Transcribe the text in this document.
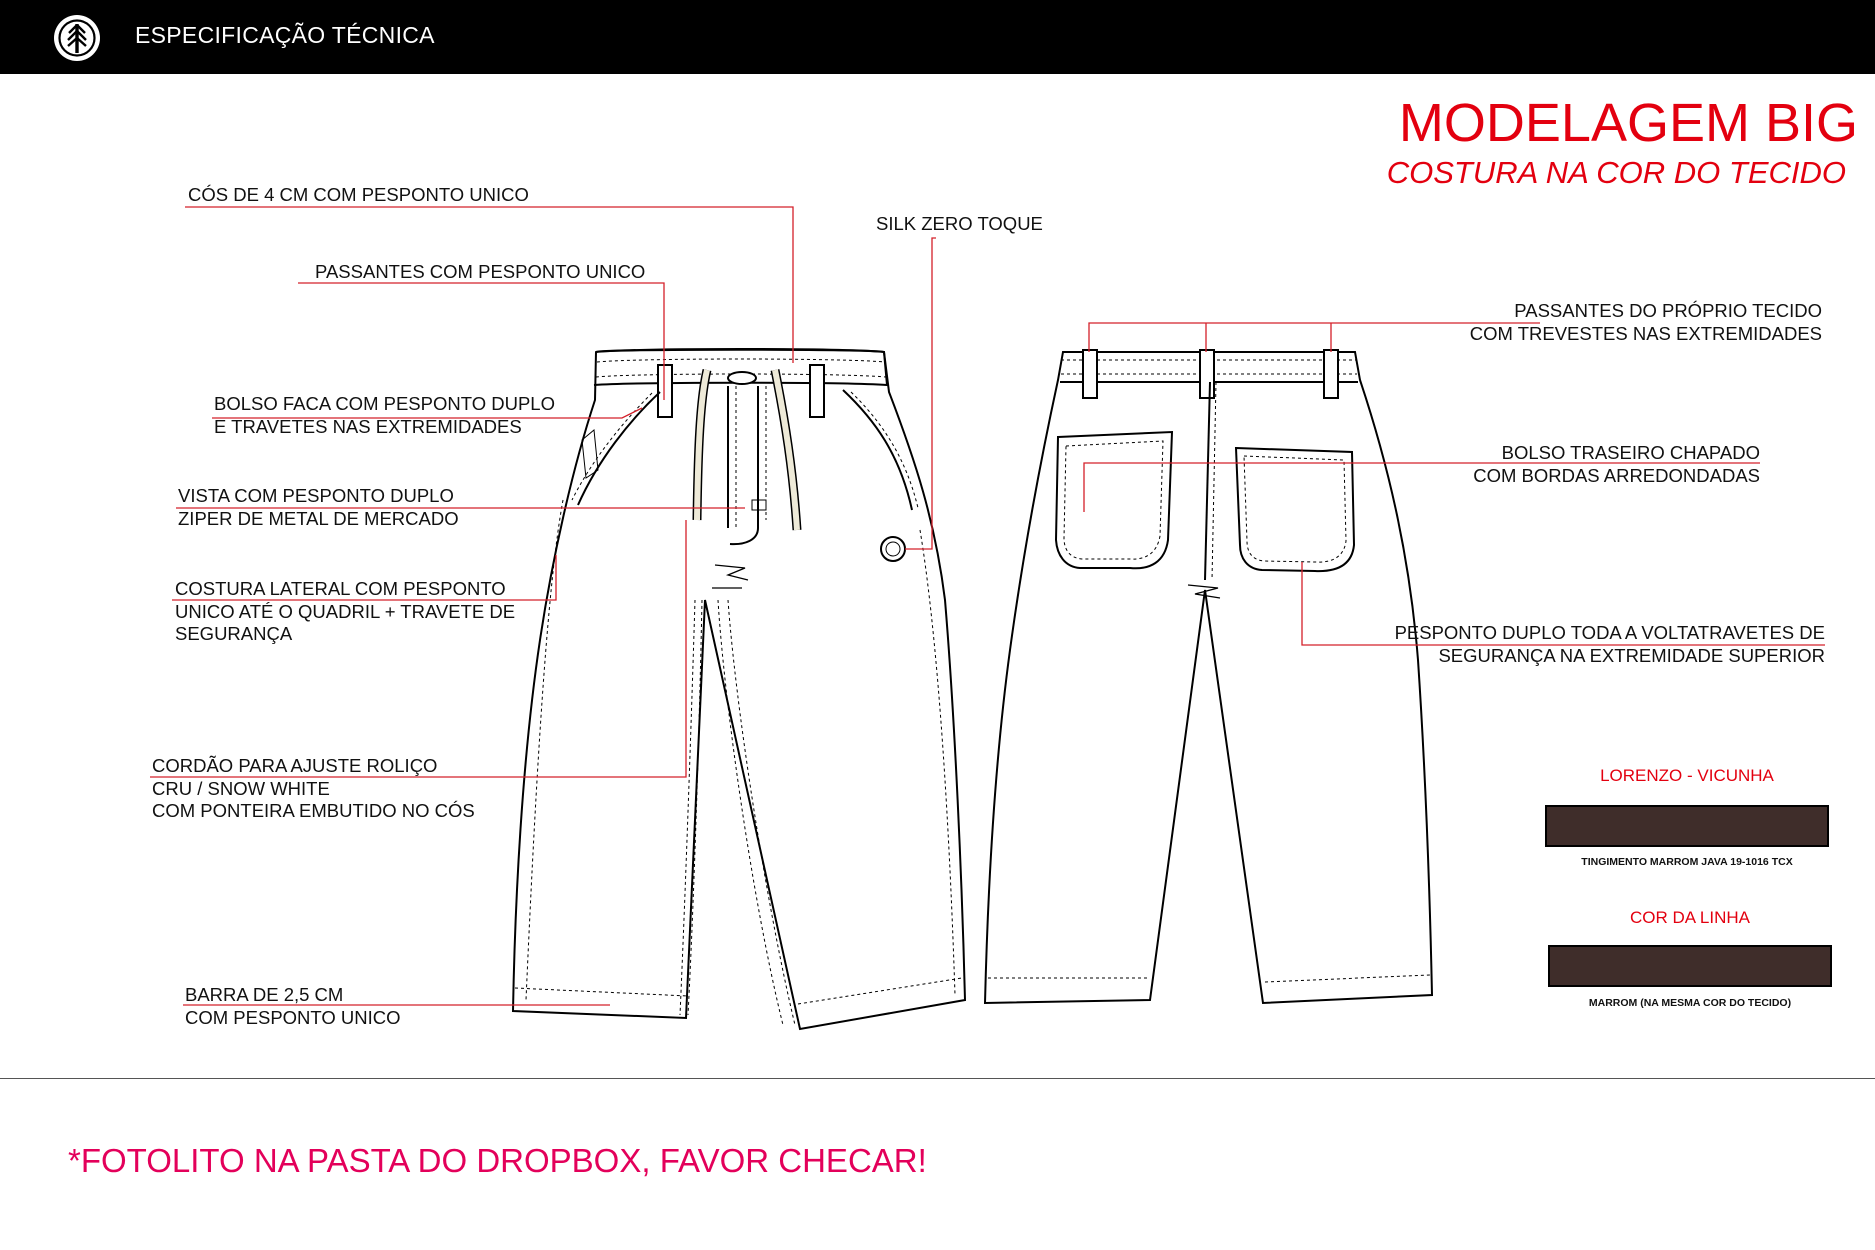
ESPECIFICAÇÃO TÉCNICA
MODELAGEM BIG
COSTURA NA COR DO TECIDO
CÓS DE 4 CM COM PESPONTO UNICO
PASSANTES COM PESPONTO UNICO
SILK ZERO TOQUE
BOLSO FACA COM PESPONTO DUPLO
E TRAVETES NAS EXTREMIDADES
VISTA COM PESPONTO DUPLO
ZIPER DE METAL DE MERCADO
COSTURA LATERAL COM PESPONTO
UNICO ATÉ O QUADRIL + TRAVETE DE
SEGURANÇA
CORDÃO PARA AJUSTE ROLIÇO
CRU / SNOW WHITE
COM PONTEIRA EMBUTIDO NO CÓS
BARRA DE 2,5 CM
COM PESPONTO UNICO
PASSANTES DO PRÓPRIO TECIDO
COM TREVESTES NAS EXTREMIDADES
BOLSO TRASEIRO CHAPADO
COM BORDAS ARREDONDADAS
PESPONTO DUPLO TODA A VOLTATRAVETES DE
SEGURANÇA NA EXTREMIDADE SUPERIOR
LORENZO - VICUNHA
TINGIMENTO MARROM JAVA 19-1016 TCX
COR DA LINHA
MARROM (NA MESMA COR DO TECIDO)
*FOTOLITO NA PASTA DO DROPBOX, FAVOR CHECAR!
